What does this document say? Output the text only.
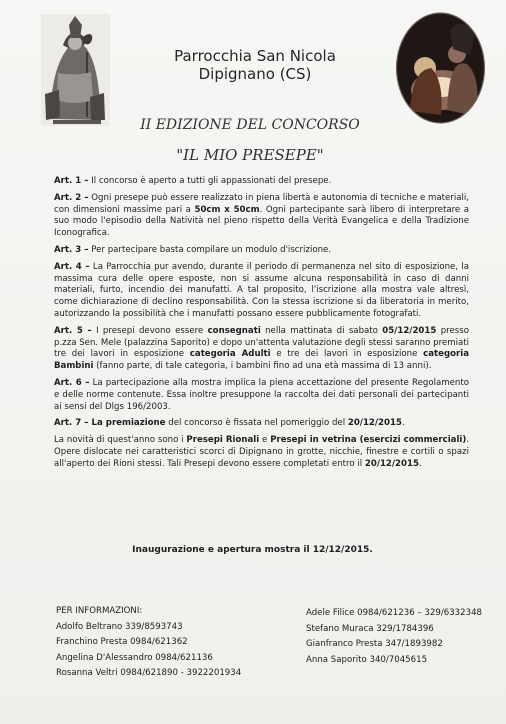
Parrocchia San Nicola
Dipignano (CS)
II EDIZIONE DEL CONCORSO
"IL MIO PRESEPE"
Art. 1 – Il concorso è aperto a tutti gli appassionati del presepe.
Art. 2 – Ogni presepe può essere realizzato in piena libertà e autonomia di tecniche e materiali, con dimensioni massime pari a 50cm x 50cm. Ogni partecipante sarà libero di interpretare a suo modo l'episodio della Natività nel pieno rispetto della Verità Evangelica e della Tradizione Iconografica.
Art. 3 – Per partecipare basta compilare un modulo d'iscrizione.
Art. 4 – La Parrocchia pur avendo, durante il periodo di permanenza nel sito di esposizione, la massima cura delle opere esposte, non si assume alcuna responsabilità in caso di danni materiali, furto, incendio dei manufatti. A tal proposito, l'iscrizione alla mostra vale altresì, come dichiarazione di declino responsabilità. Con la stessa iscrizione si da liberatoria in merito, autorizzando la possibilità che i manufatti possano essere pubblicamente fotografati.
Art. 5 – I presepi devono essere consegnati nella mattinata di sabato 05/12/2015 presso p.zza Sen. Mele (palazzina Saporito) e dopo un'attenta valutazione degli stessi saranno premiati tre dei lavori in esposizione categoria Adulti e tre dei lavori in esposizione categoria Bambini (fanno parte, di tale categoria, i bambini fino ad una età massima di 13 anni).
Art. 6 – La partecipazione alla mostra implica la piena accettazione del presente Regolamento e delle norme contenute. Essa inoltre presuppone la raccolta dei dati personali dei partecipanti ai sensi del Dlgs 196/2003.
Art. 7 – La premiazione del concorso è fissata nel pomeriggio del 20/12/2015.
La novità di quest'anno sono i Presepi Rionali e Presepi in vetrina (esercizi commerciali). Opere dislocate nei caratteristici scorci di Dipignano in grotte, nicchie, finestre e cortili o spazi all'aperto dei Rioni stessi. Tali Presepi devono essere completati entro il 20/12/2015.
Inaugurazione e apertura mostra il 12/12/2015.
PER INFORMAZIONI:
Adolfo Beltrano 339/8593743
Franchino Presta 0984/621362
Angelina D'Alessandro 0984/621136
Rosanna Veltri 0984/621890 - 3922201934
Adele Filice 0984/621236 – 329/6332348
Stefano Muraca 329/1784396
Gianfranco Presta 347/1893982
Anna Saporito 340/7045615
